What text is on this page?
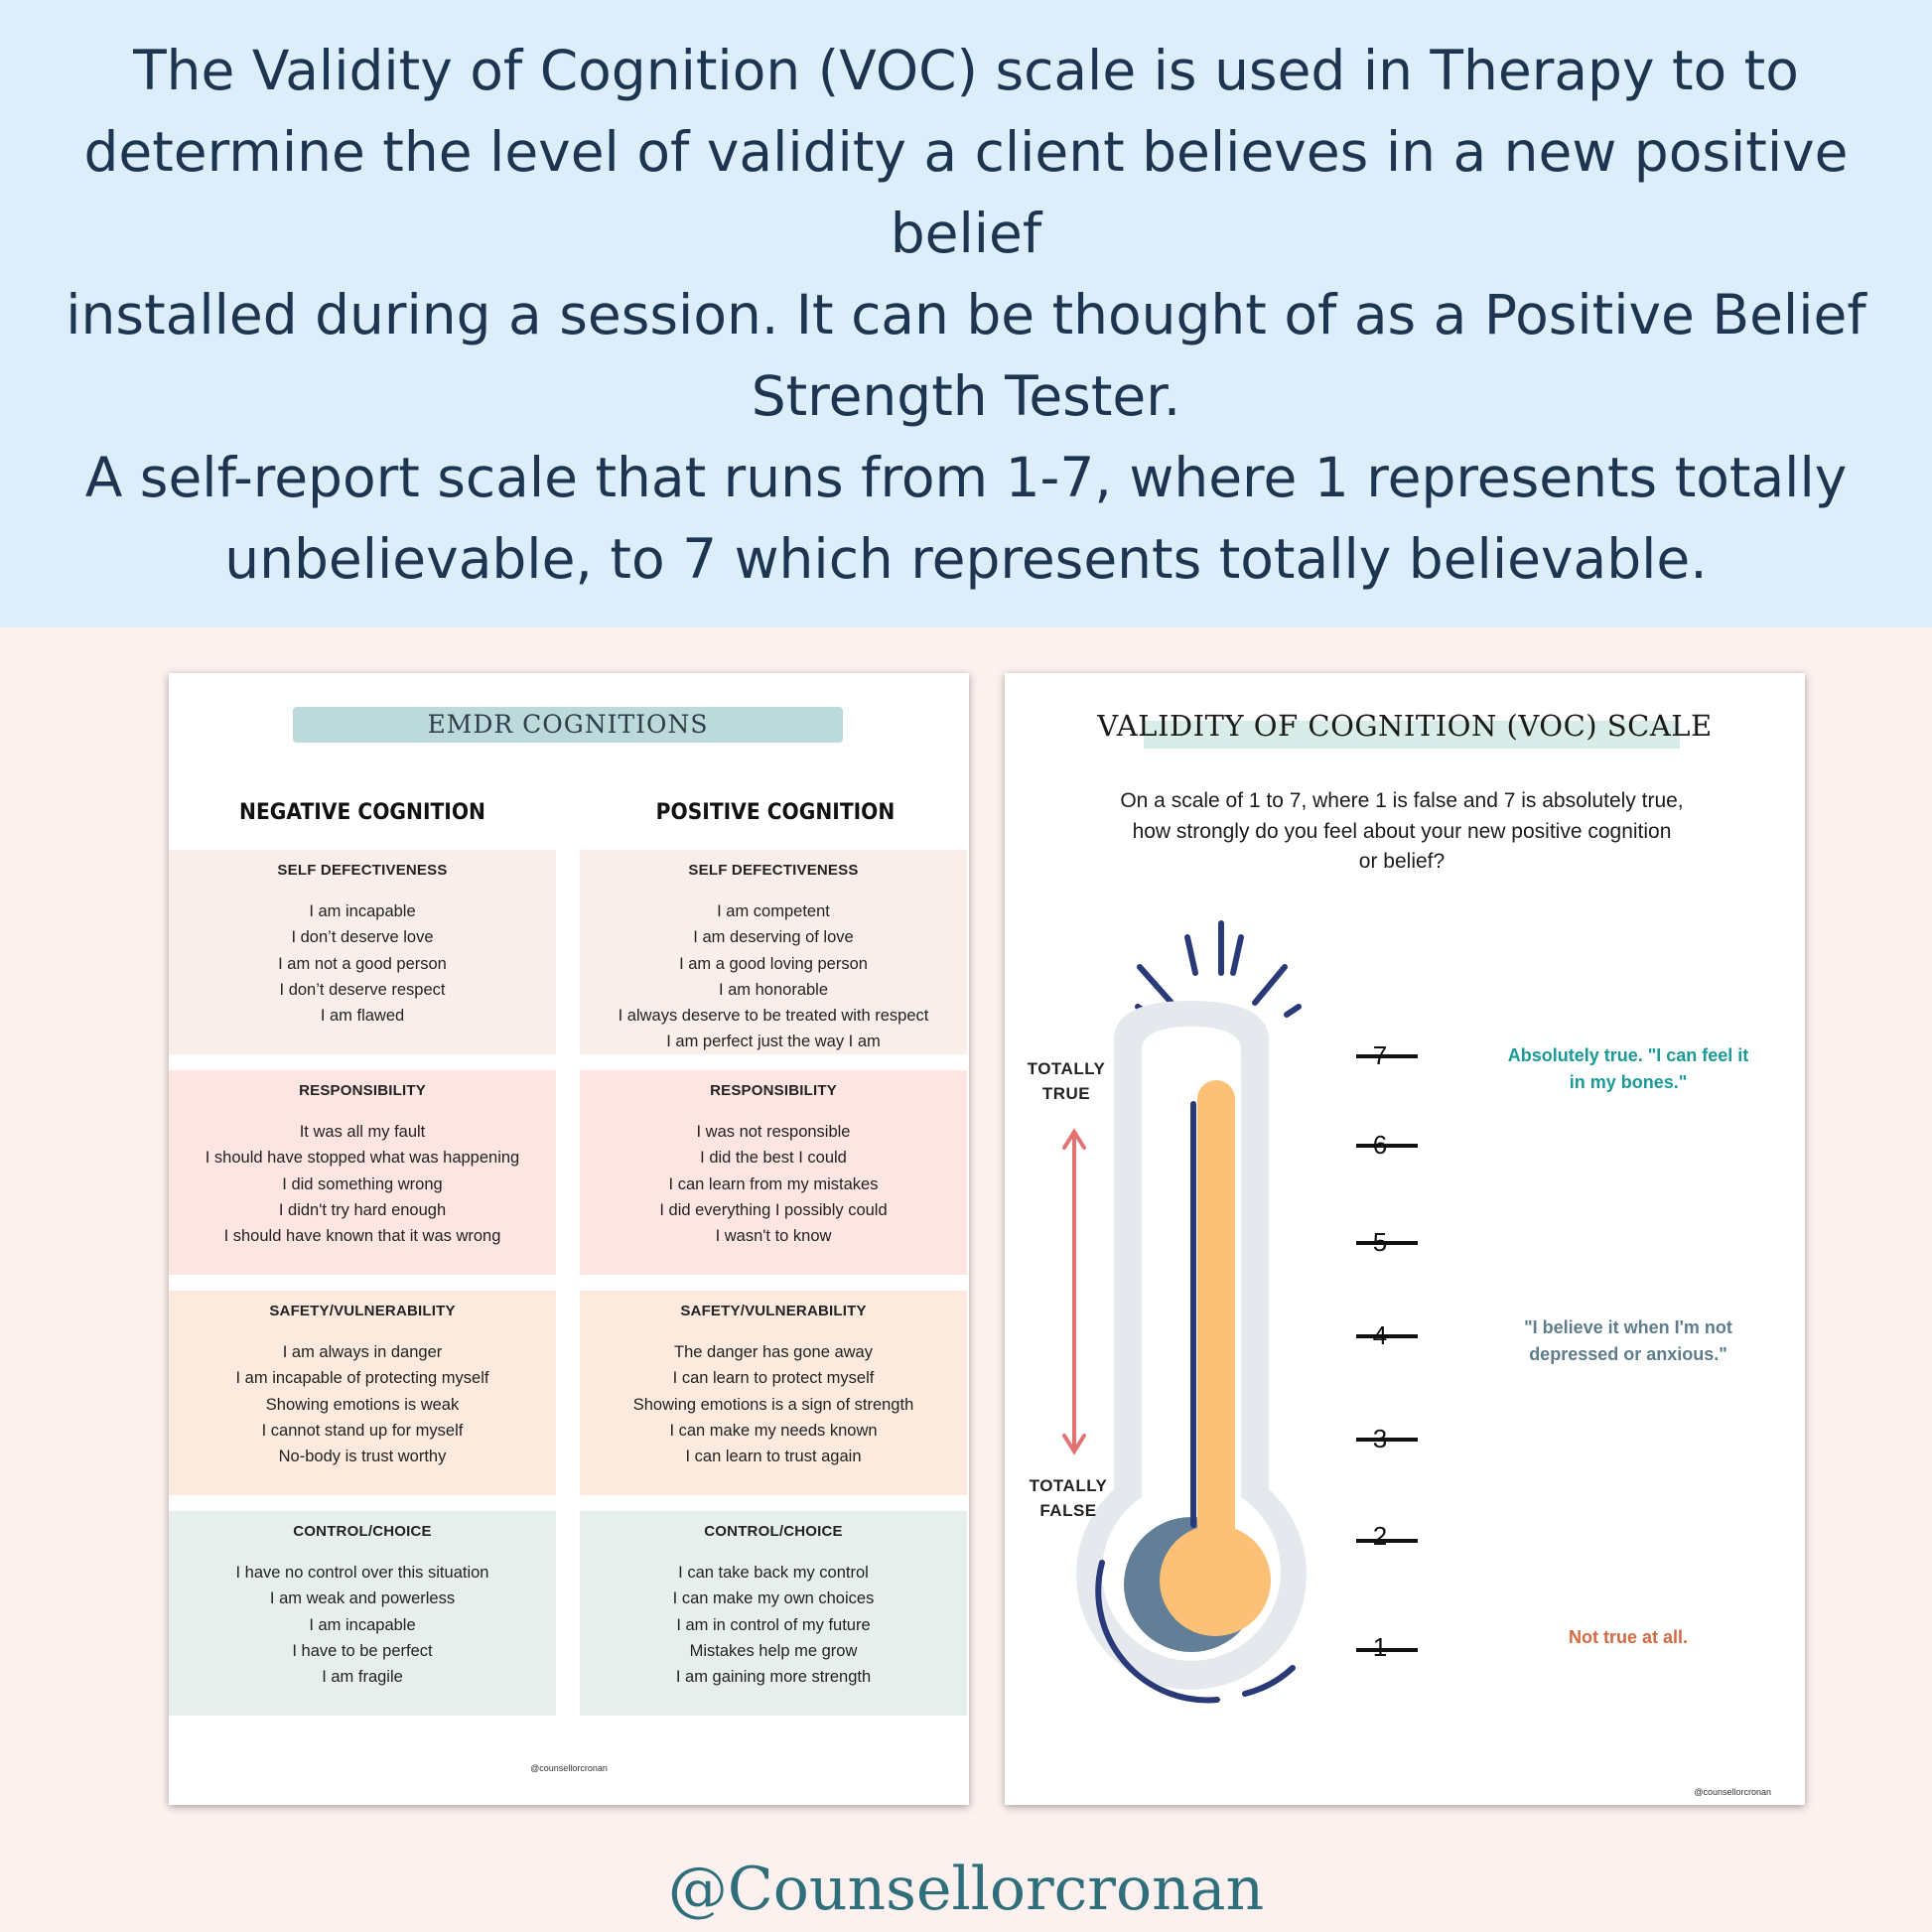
The Validity of Cognition (VOC) scale is used in Therapy to to
determine the level of validity a client believes in a new positive belief
installed during a session. It can be thought of as a Positive Belief
Strength Tester.
A self-report scale that runs from 1-7, where 1 represents totally
unbelievable, to 7 which represents totally believable.
EMDR COGNITIONS
NEGATIVE COGNITION	POSITIVE COGNITION
SELF DEFECTIVENESS
I am incapable
I don’t deserve love
I am not a good person
I don’t deserve respect
I am flawed
SELF DEFECTIVENESS
I am competent
I am deserving of love
I am a good loving person
I am honorable
I always deserve to be treated with respect
I am perfect just the way I am
RESPONSIBILITY
It was all my fault
I should have stopped what was happening
I did something wrong
I didn't try hard enough
I should have known that it was wrong
RESPONSIBILITY
I was not responsible
I did the best I could
I can learn from my mistakes
I did everything I possibly could
I wasn't to know
SAFETY/VULNERABILITY
I am always in danger
I am incapable of protecting myself
Showing emotions is weak
I cannot stand up for myself
No-body is trust worthy
SAFETY/VULNERABILITY
The danger has gone away
I can learn to protect myself
Showing emotions is a sign of strength
I can make my needs known
I can learn to trust again
CONTROL/CHOICE
I have no control over this situation
I am weak and powerless
I am incapable
I have to be perfect
I am fragile
CONTROL/CHOICE
I can take back my control
I can make my own choices
I am in control of my future
Mistakes help me grow
I am gaining more strength
@counsellorcronan
VALIDITY OF COGNITION (VOC) SCALE
On a scale of 1 to 7, where 1 is false and 7 is absolutely true,
how strongly do you feel about your new positive cognition
or belief?
TOTALLY
TRUE
TOTALLY
FALSE
7
6
5
4
3
2
1
Absolutely true. "I can feel it
in my bones."
"I believe it when I'm not
depressed or anxious."
Not true at all.
@counsellorcronan
@Counsellorcronan
